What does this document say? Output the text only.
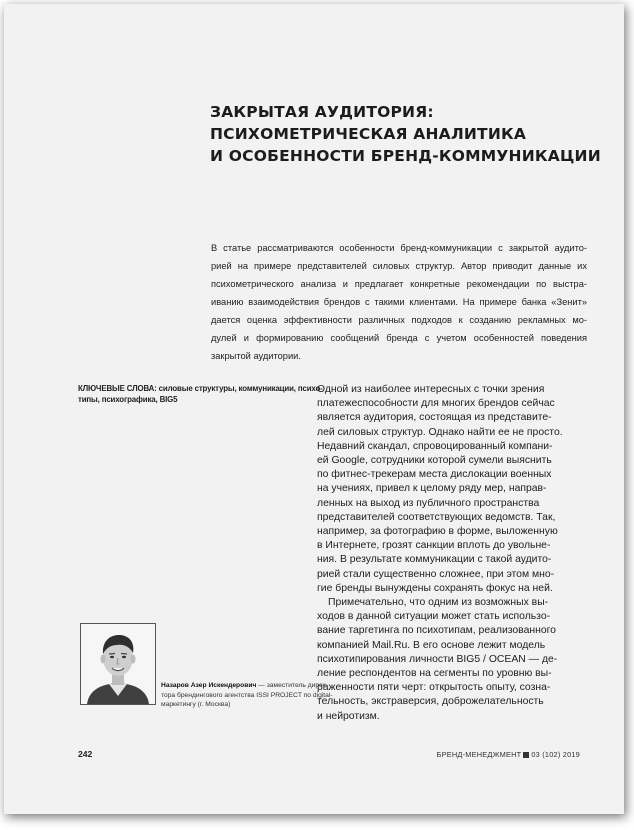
ЗАКРЫТАЯ АУДИТОРИЯ:
ПСИХОМЕТРИЧЕСКАЯ АНАЛИТИКА
И ОСОБЕННОСТИ БРЕНД-КОММУНИКАЦИИ
В статье рассматриваются особенности бренд-коммуникации с закрытой аудито-
рией на примере представителей силовых структур. Автор приводит данные их
психометрического анализа и предлагает конкретные рекомендации по выстра-
иванию взаимодействия брендов с такими клиентами. На примере банка «Зенит»
дается оценка эффективности различных подходов к созданию рекламных мо-
дулей и формированию сообщений бренда с учетом особенностей поведения
закрытой аудитории.
КЛЮЧЕВЫЕ СЛОВА: силовые структуры, коммуникации, психо-
типы, психографика, BIG5
Одной из наиболее интересных с точки зрения
платежеспособности для многих брендов сейчас
является аудитория, состоящая из представите-
лей силовых структур. Однако найти ее не просто.
Недавний скандал, спровоцированный компани-
ей Google, сотрудники которой сумели выяснить
по фитнес-трекерам места дислокации военных
на учениях, привел к целому ряду мер, направ-
ленных на выход из публичного пространства
представителей соответствующих ведомств. Так,
например, за фотографию в форме, выложенную
в Интернете, грозят санкции вплоть до увольне-
ния. В результате коммуникации с такой аудито-
рией стали существенно сложнее, при этом мно-
гие бренды вынуждены сохранять фокус на ней.
Примечательно, что одним из возможных вы-
ходов в данной ситуации может стать использо-
вание таргетинга по психотипам, реализованного
компанией Mail.Ru. В его основе лежит модель
психотипирования личности BIG5 / OCEAN — де-
ление респондентов на сегменты по уровню вы-
раженности пяти черт: открытость опыту, созна-
тельность, экстраверсия, доброжелательность
и нейротизм.
Назаров Азер Искендерович — заместитель дирек-
тора брендингового агентства ISSI PROJECT по digital-
маркетингу (г. Москва)
242	БРЕНД-МЕНЕДЖМЕНТ 03 (102) 2019
